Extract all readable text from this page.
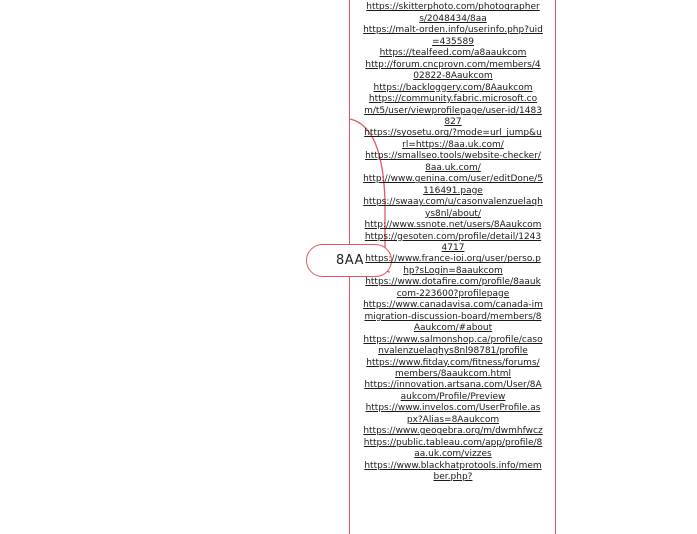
8AA
https://skitterphoto.com/photographers/2048434/8aa
https://malt-orden.info/userinfo.php?uid=435589
https://tealfeed.com/a8aaukcom
http://forum.cncprovn.com/members/402822-8Aaukcom
https://backloggery.com/8Aaukcom
https://community.fabric.microsoft.com/t5/user/viewprofilepage/user-id/1483827
https://syosetu.org/?mode=url_jump&url=https://8aa.uk.com/
https://smallseo.tools/website-checker/8aa.uk.com/
http://www.genina.com/user/editDone/5116491.page
https://swaay.com/u/casonvalenzuelaqhys8nl/about/
http://www.ssnote.net/users/8Aaukcom
https://gesoten.com/profile/detail/12434717
https://www.france-ioi.org/user/perso.php?sLogin=8aaukcom
https://www.dotafire.com/profile/8aaukcom-223600?profilepage
https://www.canadavisa.com/canada-immigration-discussion-board/members/8Aaukcom/#about
https://www.salmonshop.ca/profile/casonvalenzuelaqhys8nl98781/profile
https://www.fitday.com/fitness/forums/members/8aaukcom.html
https://innovation.artsana.com/User/8Aaukcom/Profile/Preview
https://www.invelos.com/UserProfile.aspx?Alias=8Aaukcom
https://www.geogebra.org/m/dwmhfwcz
https://public.tableau.com/app/profile/8aa.uk.com/vizzes
https://www.blackhatprotools.info/member.php?
